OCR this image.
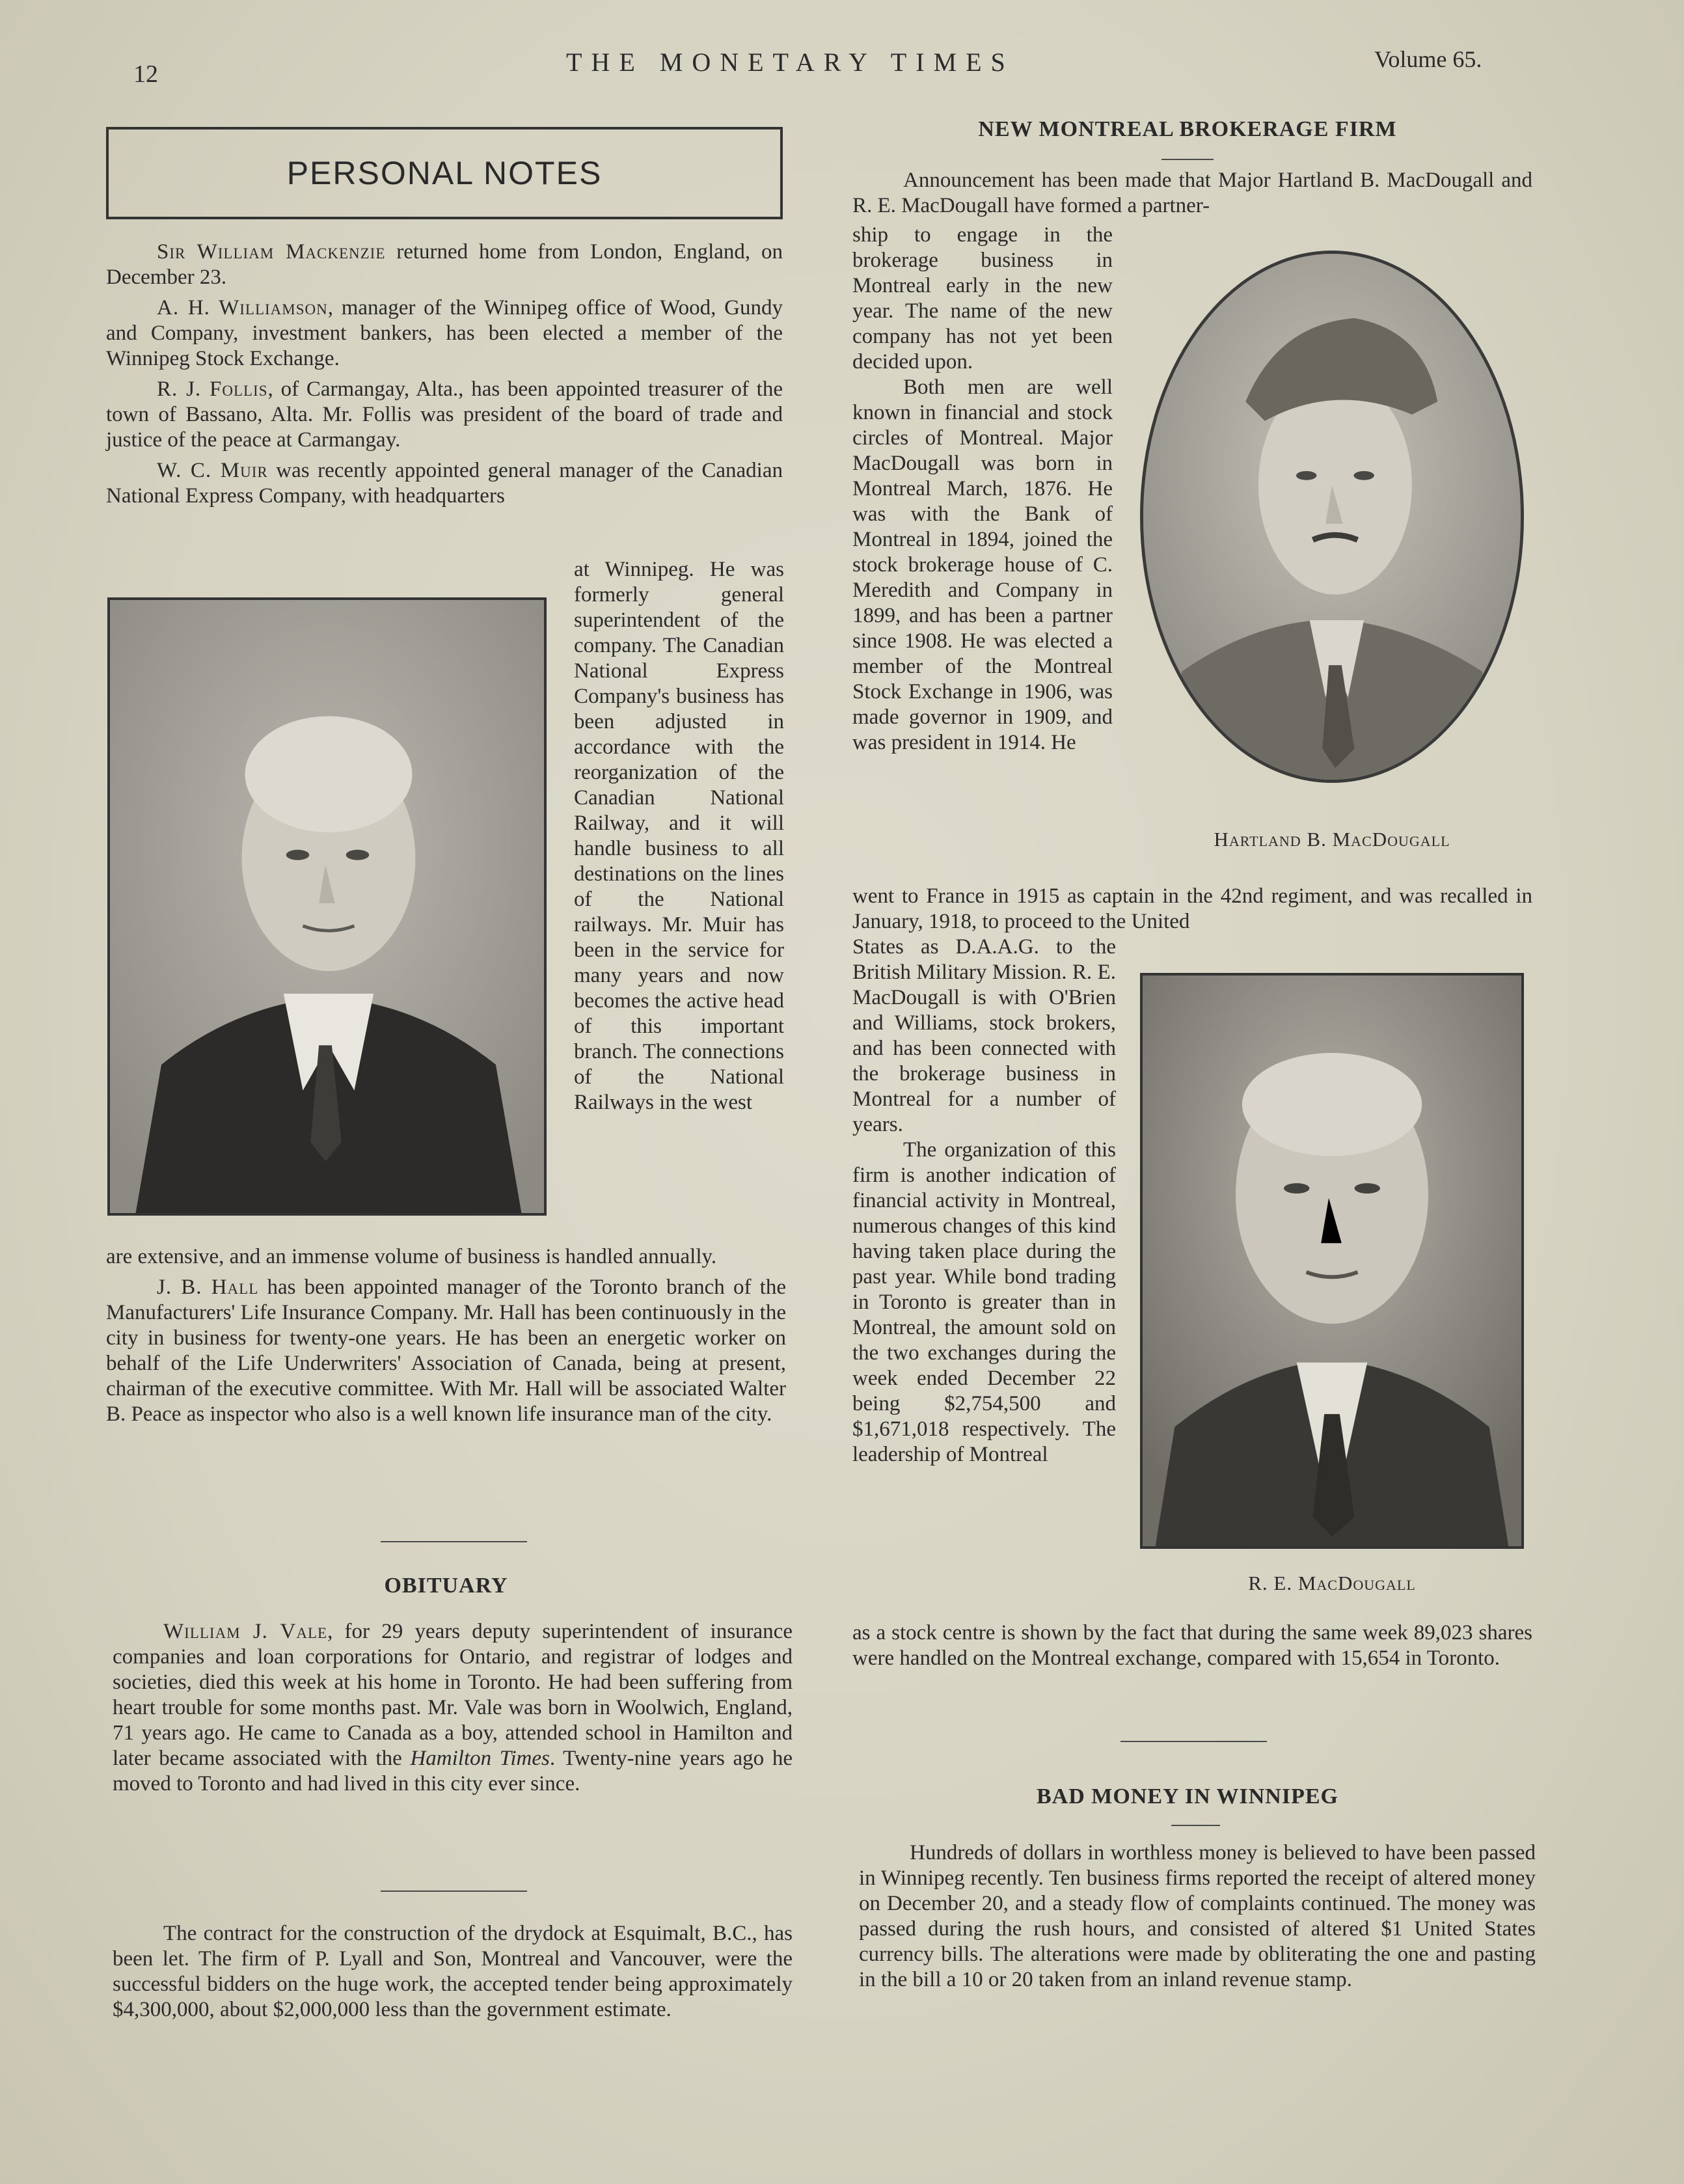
12	THE MONETARY TIMES	Volume 65.
PERSONAL NOTES

Sir William Mackenzie returned home from London, England, on December 23.

A. H. Williamson, manager of the Winnipeg office of Wood, Gundy and Company, investment bankers, has been elected a member of the Winnipeg Stock Exchange.

R. J. Follis, of Carmangay, Alta., has been appointed treasurer of the town of Bassano, Alta. Mr. Follis was president of the board of trade and justice of the peace at Carmangay.

W. C. Muir was recently appointed general manager of the Canadian National Express Company, with headquarters

at Winnipeg. He was formerly general superintendent of the company. The Canadian National Express Company's business has been adjusted in accordance with the reorganization of the Canadian National Railway, and it will handle business to all destinations on the lines of the National railways. Mr. Muir has been in the service for many years and now becomes the active head of this important branch. The connections of the National Railways in the west

are extensive, and an immense volume of business is handled annually.

J. B. Hall has been appointed manager of the Toronto branch of the Manufacturers' Life Insurance Company. Mr. Hall has been continuously in the city in business for twenty-one years. He has been an energetic worker on behalf of the Life Underwriters' Association of Canada, being at present, chairman of the executive committee. With Mr. Hall will be associated Walter B. Peace as inspector who also is a well known life insurance man of the city.

OBITUARY

William J. Vale, for 29 years deputy superintendent of insurance companies and loan corporations for Ontario, and registrar of lodges and societies, died this week at his home in Toronto. He had been suffering from heart trouble for some months past. Mr. Vale was born in Woolwich, England, 71 years ago. He came to Canada as a boy, attended school in Hamilton and later became associated with the Hamilton Times. Twenty-nine years ago he moved to Toronto and had lived in this city ever since.

The contract for the construction of the drydock at Esquimalt, B.C., has been let. The firm of P. Lyall and Son, Montreal and Vancouver, were the successful bidders on the huge work, the accepted tender being approximately $4,300,000, about $2,000,000 less than the government estimate.

NEW MONTREAL BROKERAGE FIRM

Announcement has been made that Major Hartland B. MacDougall and R. E. MacDougall have formed a partner-

ship to engage in the brokerage business in Montreal early in the new year. The name of the new company has not yet been decided upon.

Both men are well known in financial and stock circles of Montreal. Major MacDougall was born in Montreal March, 1876. He was with the Bank of Montreal in 1894, joined the stock brokerage house of C. Meredith and Company in 1899, and has been a partner since 1908. He was elected a member of the Montreal Stock Exchange in 1906, was made governor in 1909, and was president in 1914. He

Hartland B. MacDougall

went to France in 1915 as captain in the 42nd regiment, and was recalled in January, 1918, to proceed to the United

States as D.A.A.G. to the British Military Mission. R. E. MacDougall is with O'Brien and Williams, stock brokers, and has been connected with the brokerage business in Montreal for a number of years.

The organization of this firm is another indication of financial activity in Montreal, numerous changes of this kind having taken place during the past year. While bond trading in Toronto is greater than in Montreal, the amount sold on the two exchanges during the week ended December 22 being $2,754,500 and $1,671,018 respectively. The leadership of Montreal

R. E. MacDougall

as a stock centre is shown by the fact that during the same week 89,023 shares were handled on the Montreal exchange, compared with 15,654 in Toronto.

BAD MONEY IN WINNIPEG

Hundreds of dollars in worthless money is believed to have been passed in Winnipeg recently. Ten business firms reported the receipt of altered money on December 20, and a steady flow of complaints continued. The money was passed during the rush hours, and consisted of altered $1 United States currency bills. The alterations were made by obliterating the one and pasting in the bill a 10 or 20 taken from an inland revenue stamp.
